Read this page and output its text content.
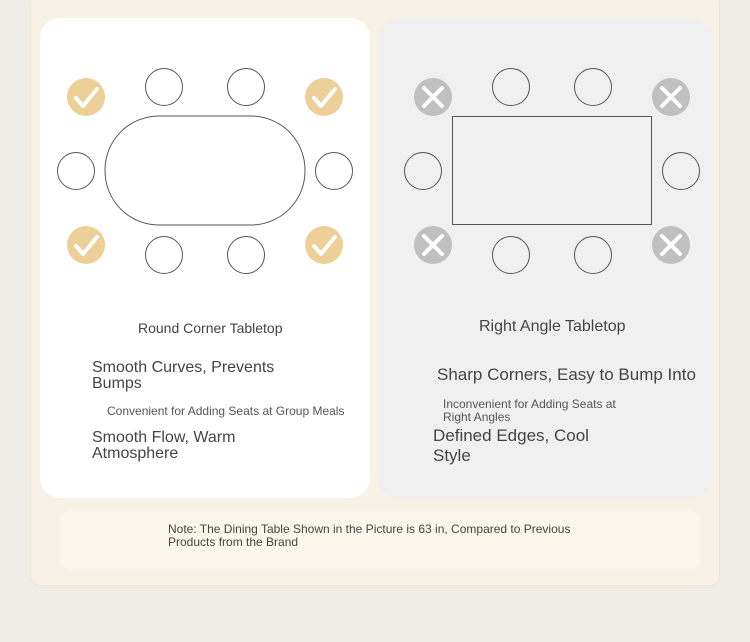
Round Corner Tabletop
Smooth Curves, Prevents Bumps
Convenient for Adding Seats at Group Meals
Smooth Flow, Warm Atmosphere
Right Angle Tabletop
Sharp Corners, Easy to Bump Into
Inconvenient for Adding Seats at Right Angles
Defined Edges, Cool Style
Note: The Dining Table Shown in the Picture is 63 in, Compared to Previous Products from the Brand
